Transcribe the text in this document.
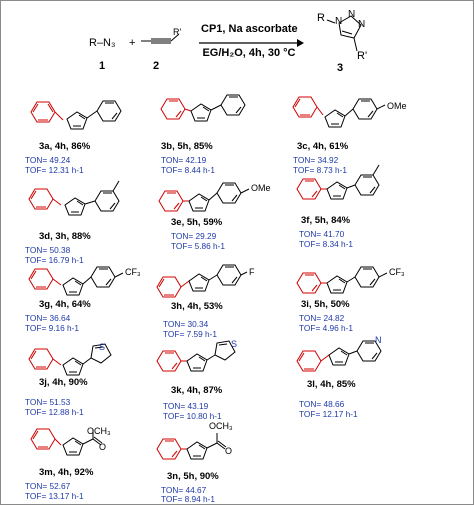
R–N₃ +
R'
1	2
CP1, Na ascorbate
EG/H₂O, 4h, 30 °C
R N
N
N
R'
3
3a, 4h, 86%
TON= 49.24
TOF= 12.31 h-1
3b, 5h, 85%
TON= 42.19
TOF= 8.44 h-1
OMe
3c, 4h, 61%
TON= 34.92
TOF= 8.73 h-1
3d, 3h, 88%
TON= 50.38
TOF= 16.79 h-1
OMe
3e, 5h, 59%
TON= 29.29
TOF= 5.86 h-1
3f, 5h, 84%
TON= 41.70
TOF= 8.34 h-1
CF₃
3g, 4h, 64%
TON= 36.64
TOF= 9.16 h-1
F
3h, 4h, 53%
TON= 30.34
TOF= 7.59 h-1
CF₃
3i, 5h, 50%
TON= 24.82
TOF= 4.96 h-1
S
3j, 4h, 90%
TON= 51.53
TOF= 12.88 h-1
S
3k, 4h, 87%
TON= 43.19
TOF= 10.80 h-1
N
3l, 4h, 85%
TON= 48.66
TOF= 12.17 h-1
OCH₃
O
3m, 4h, 92%
TON= 52.67
TOF= 13.17 h-1
OCH₃
O
3n, 5h, 90%
TON= 44.67
TOF= 8.94 h-1
